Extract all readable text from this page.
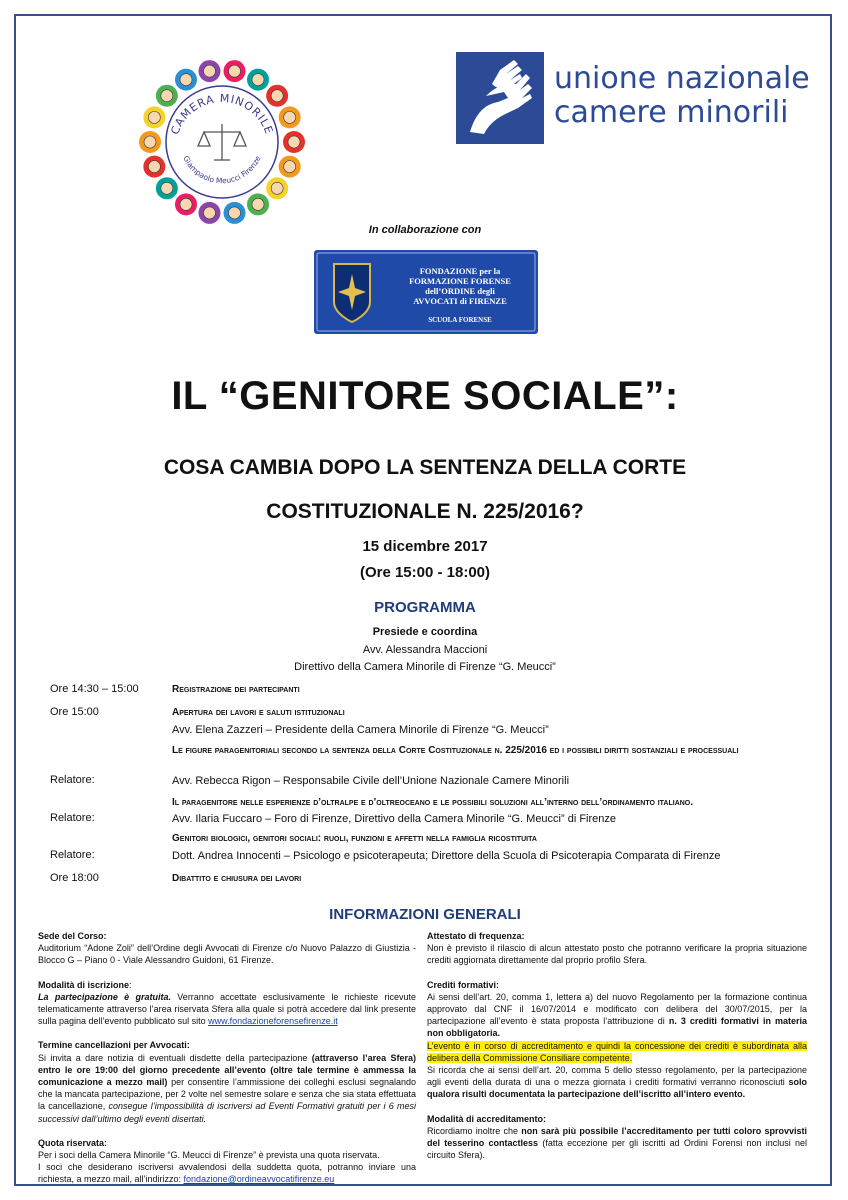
CAMERA MINORILE
Giampaolo Meucci Firenze
unione nazionale
camere minorili
In collaborazione con
FONDAZIONE per la
FORMAZIONE FORENSE
dell’ORDINE degli
AVVOCATI di FIRENZE
SCUOLA FORENSE
IL “GENITORE SOCIALE”:
COSA CAMBIA DOPO LA SENTENZA DELLA CORTE
COSTITUZIONALE N. 225/2016?
15 dicembre 2017
(Ore 15:00 - 18:00)
PROGRAMMA
Presiede e coordina
Avv. Alessandra Maccioni
Direttivo della Camera Minorile di Firenze “G. Meucci”
Ore 14:30 – 15:00	Registrazione dei partecipanti
Ore 15:00	Apertura dei lavori e saluti istituzionali
Avv. Elena Zazzeri – Presidente della Camera Minorile di Firenze “G. Meucci”
Le figure paragenitoriali secondo la sentenza della Corte Costituzionale n. 225/2016 ed i possibili diritti sostanziali e processuali
Relatore:	Avv. Rebecca Rigon – Responsabile Civile dell’Unione Nazionale Camere Minorili
Il paragenitore nelle esperienze d’oltralpe e d’oltreoceano e le possibili soluzioni all’interno dell’ordinamento italiano.
Relatore:	Avv. Ilaria Fuccaro – Foro di Firenze, Direttivo della Camera Minorile “G. Meucci” di Firenze
Genitori biologici, genitori sociali: ruoli, funzioni e affetti nella famiglia ricostituita
Relatore:	Dott. Andrea Innocenti – Psicologo e psicoterapeuta; Direttore della Scuola di Psicoterapia Comparata di Firenze
Ore 18:00	Dibattito e chiusura dei lavori
INFORMAZIONI GENERALI

Sede del Corso:

Auditorium “Adone Zoli” dell’Ordine degli Avvocati di Firenze c/o Nuovo Palazzo di Giustizia - Blocco G – Piano 0 - Viale Alessandro Guidoni, 61 Firenze.

Modalità di iscrizione:

La partecipazione è gratuita. Verranno accettate esclusivamente le richieste ricevute telematicamente attraverso l’area riservata Sfera alla quale si potrà accedere dal link presente sulla pagina dell’evento pubblicato sul sito www.fondazioneforensefirenze.it

Termine cancellazioni per Avvocati:

Si invita a dare notizia di eventuali disdette della partecipazione (attraverso l’area Sfera) entro le ore 19:00 del giorno precedente all’evento (oltre tale termine è ammessa la comunicazione a mezzo mail) per consentire l’ammissione dei colleghi esclusi segnalando che la mancata partecipazione, per 2 volte nel semestre solare e senza che sia stata effettuata la cancellazione, consegue l’impossibilità di iscriversi ad Eventi Formativi gratuiti per i 6 mesi successivi dall’ultimo degli eventi disertati.

Quota riservata:

Per i soci della Camera Minorile “G. Meucci di Firenze” è prevista una quota riservata.

I soci che desiderano iscriversi avvalendosi della suddetta quota, potranno inviare una richiesta, a mezzo mail, all’indirizzo: fondazione@ordineavvocatifirenze.eu

Attestato di frequenza:

Non è previsto il rilascio di alcun attestato posto che potranno verificare la propria situazione crediti aggiornata direttamente dal proprio profilo Sfera.

Crediti formativi:

Ai sensi dell’art. 20, comma 1, lettera a) del nuovo Regolamento per la formazione continua approvato dal CNF il 16/07/2014 e modificato con delibera del 30/07/2015, per la partecipazione all’evento è stata proposta l’attribuzione di n. 3 crediti formativi in materia non obbligatoria.

L’evento è in corso di accreditamento e quindi la concessione dei crediti è subordinata alla delibera della Commissione Consiliare competente.

Si ricorda che ai sensi dell’art. 20, comma 5 dello stesso regolamento, per la partecipazione agli eventi della durata di una o mezza giornata i crediti formativi verranno riconosciuti solo qualora risulti documentata la partecipazione dell’iscritto all’intero evento.

Modalità di accreditamento:

Ricordiamo inoltre che non sarà più possibile l’accreditamento per tutti coloro sprovvisti del tesserino contactless (fatta eccezione per gli iscritti ad Ordini Forensi non inclusi nel circuito Sfera).
